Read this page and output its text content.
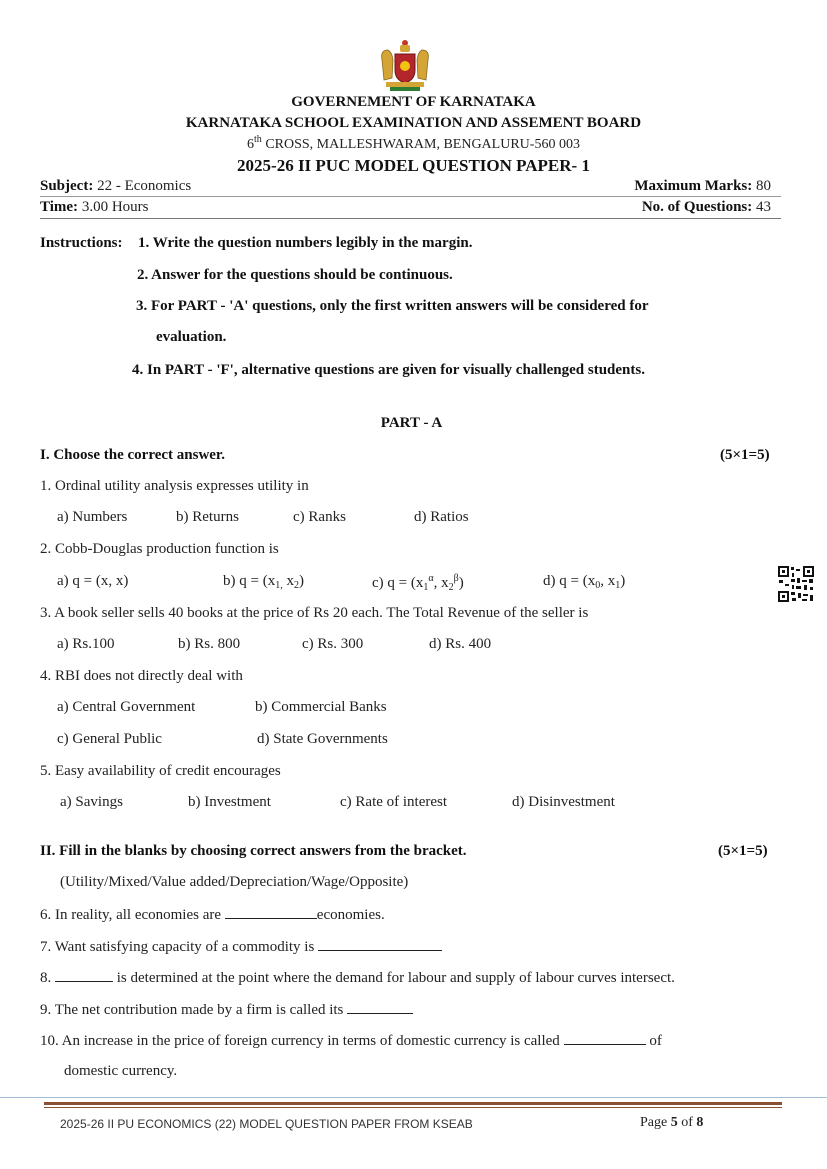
GOVERNEMENT OF KARNATAKA
KARNATAKA SCHOOL EXAMINATION AND ASSEMENT BOARD
6th CROSS, MALLESHWARAM, BENGALURU-560 003
2025-26 II PUC MODEL QUESTION PAPER- 1
Subject: 22 - Economics	Maximum Marks: 80
Time: 3.00 Hours	No. of Questions: 43
Instructions: 1. Write the question numbers legibly in the margin.
2. Answer for the questions should be continuous.
3. For PART - 'A' questions, only the first written answers will be considered for
evaluation.
4. In PART - 'F', alternative questions are given for visually challenged students.
PART - A
I. Choose the correct answer.	(5×1=5)
1. Ordinal utility analysis expresses utility in
a) Numbers	b) Returns	c) Ranks	d) Ratios
2. Cobb-Douglas production function is
a) q = (x, x)	b) $q = (x_{1,}$ $x_2$)	c) $q = (x_1^\alpha$, $x_2^\beta$)	d) $q = (x_0$, $x_1$)
3. A book seller sells 40 books at the price of Rs 20 each. The Total Revenue of the seller is
a) Rs.100	b) Rs. 800	c) Rs. 300	d) Rs. 400
4. RBI does not directly deal with
a) Central Government	b) Commercial Banks
c) General Public	d) State Governments
5. Easy availability of credit encourages
a) Savings	b) Investment	c) Rate of interest	d) Disinvestment
II. Fill in the blanks by choosing correct answers from the bracket.	(5×1=5)
(Utility/Mixed/Value added/Depreciation/Wage/Opposite)
6. In reality, all economies are	economies.
7. Want satisfying capacity of a commodity is
8.	is determined at the point where the demand for labour and supply of labour curves intersect.
9. The net contribution made by a firm is called its
10. An increase in the price of foreign currency in terms of domestic currency is called	of
domestic currency.
2025-26 II PU ECONOMICS (22) MODEL QUESTION PAPER FROM KSEAB	Page 5 of 8
